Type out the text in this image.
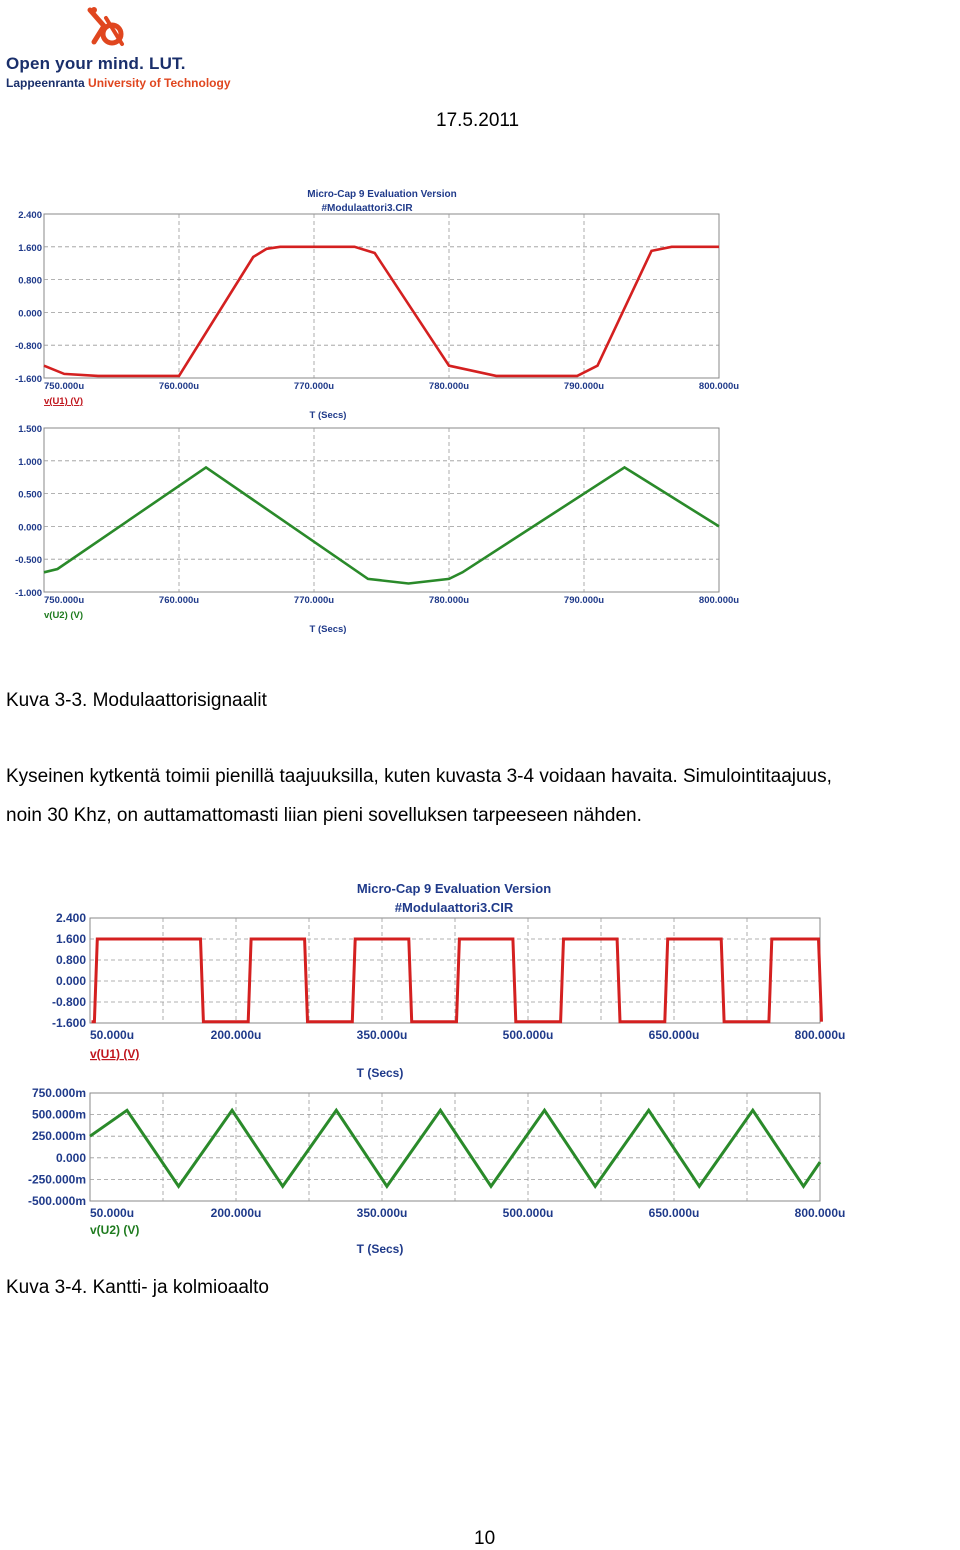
Open your mind. LUT.
Lappeenranta University of Technology
17.5.2011
Micro-Cap 9 Evaluation Version
#Modulaattori3.CIR
2.400
1.600
0.800
0.000
-0.800
-1.600
750.000u	760.000u	770.000u	780.000u	790.000u	800.000u
v(U1) (V)
T (Secs)
1.500
1.000
0.500
0.000
-0.500
-1.000
750.000u	760.000u	770.000u	780.000u	790.000u	800.000u
v(U2) (V)
T (Secs)
Kuva 3-3. Modulaattorisignaalit
Kyseinen kytkentä toimii pienillä taajuuksilla, kuten kuvasta 3-4 voidaan havaita. Simulointitaajuus,
noin 30 Khz, on auttamattomasti liian pieni sovelluksen tarpeeseen nähden.
Micro-Cap 9 Evaluation Version
#Modulaattori3.CIR
2.400
1.600
0.800
0.000
-0.800
-1.600
50.000u	200.000u	350.000u	500.000u	650.000u	800.000u
v(U1) (V)
T (Secs)
750.000m
500.000m
250.000m
0.000
-250.000m
-500.000m
50.000u	200.000u	350.000u	500.000u	650.000u	800.000u
v(U2) (V)
T (Secs)
Kuva 3-4. Kantti- ja kolmioaalto
10
